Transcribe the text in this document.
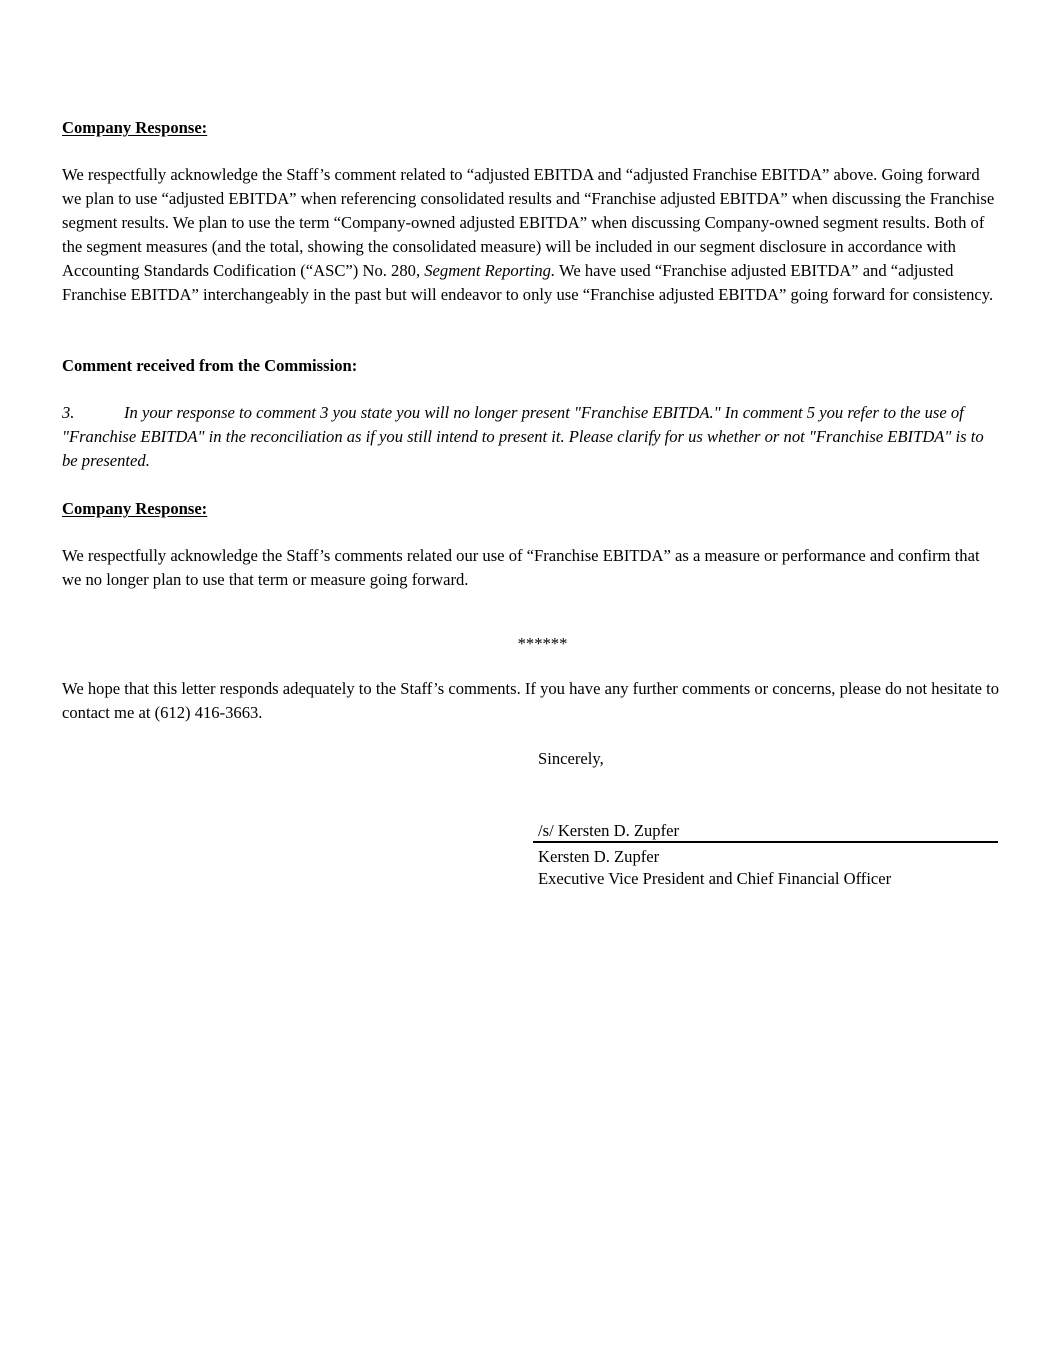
Company Response:

We respectfully acknowledge the Staff’s comment related to “adjusted EBITDA and “adjusted Franchise EBITDA” above. Going forward we plan to use “adjusted EBITDA” when referencing consolidated results and “Franchise adjusted EBITDA” when discussing the Franchise segment results. We plan to use the term “Company-owned adjusted EBITDA” when discussing Company-owned segment results. Both of the segment measures (and the total, showing the consolidated measure) will be included in our segment disclosure in accordance with Accounting Standards Codification (“ASC”) No. 280, Segment Reporting. We have used “Franchise adjusted EBITDA” and “adjusted Franchise EBITDA” interchangeably in the past but will endeavor to only use “Franchise adjusted EBITDA” going forward for consistency.

Comment received from the Commission:

3.	In your response to comment 3 you state you will no longer present "Franchise EBITDA." In comment 5 you refer to the use of "Franchise EBITDA" in the reconciliation as if you still intend to present it. Please clarify for us whether or not "Franchise EBITDA" is to be presented.

Company Response:

We respectfully acknowledge the Staff’s comments related our use of “Franchise EBITDA” as a measure or performance and confirm that we no longer plan to use that term or measure going forward.

******

We hope that this letter responds adequately to the Staff’s comments. If you have any further comments or concerns, please do not hesitate to contact me at (612) 416-3663.

Sincerely,
/s/ Kersten D. Zupfer
Kersten D. Zupfer
Executive Vice President and Chief Financial Officer
